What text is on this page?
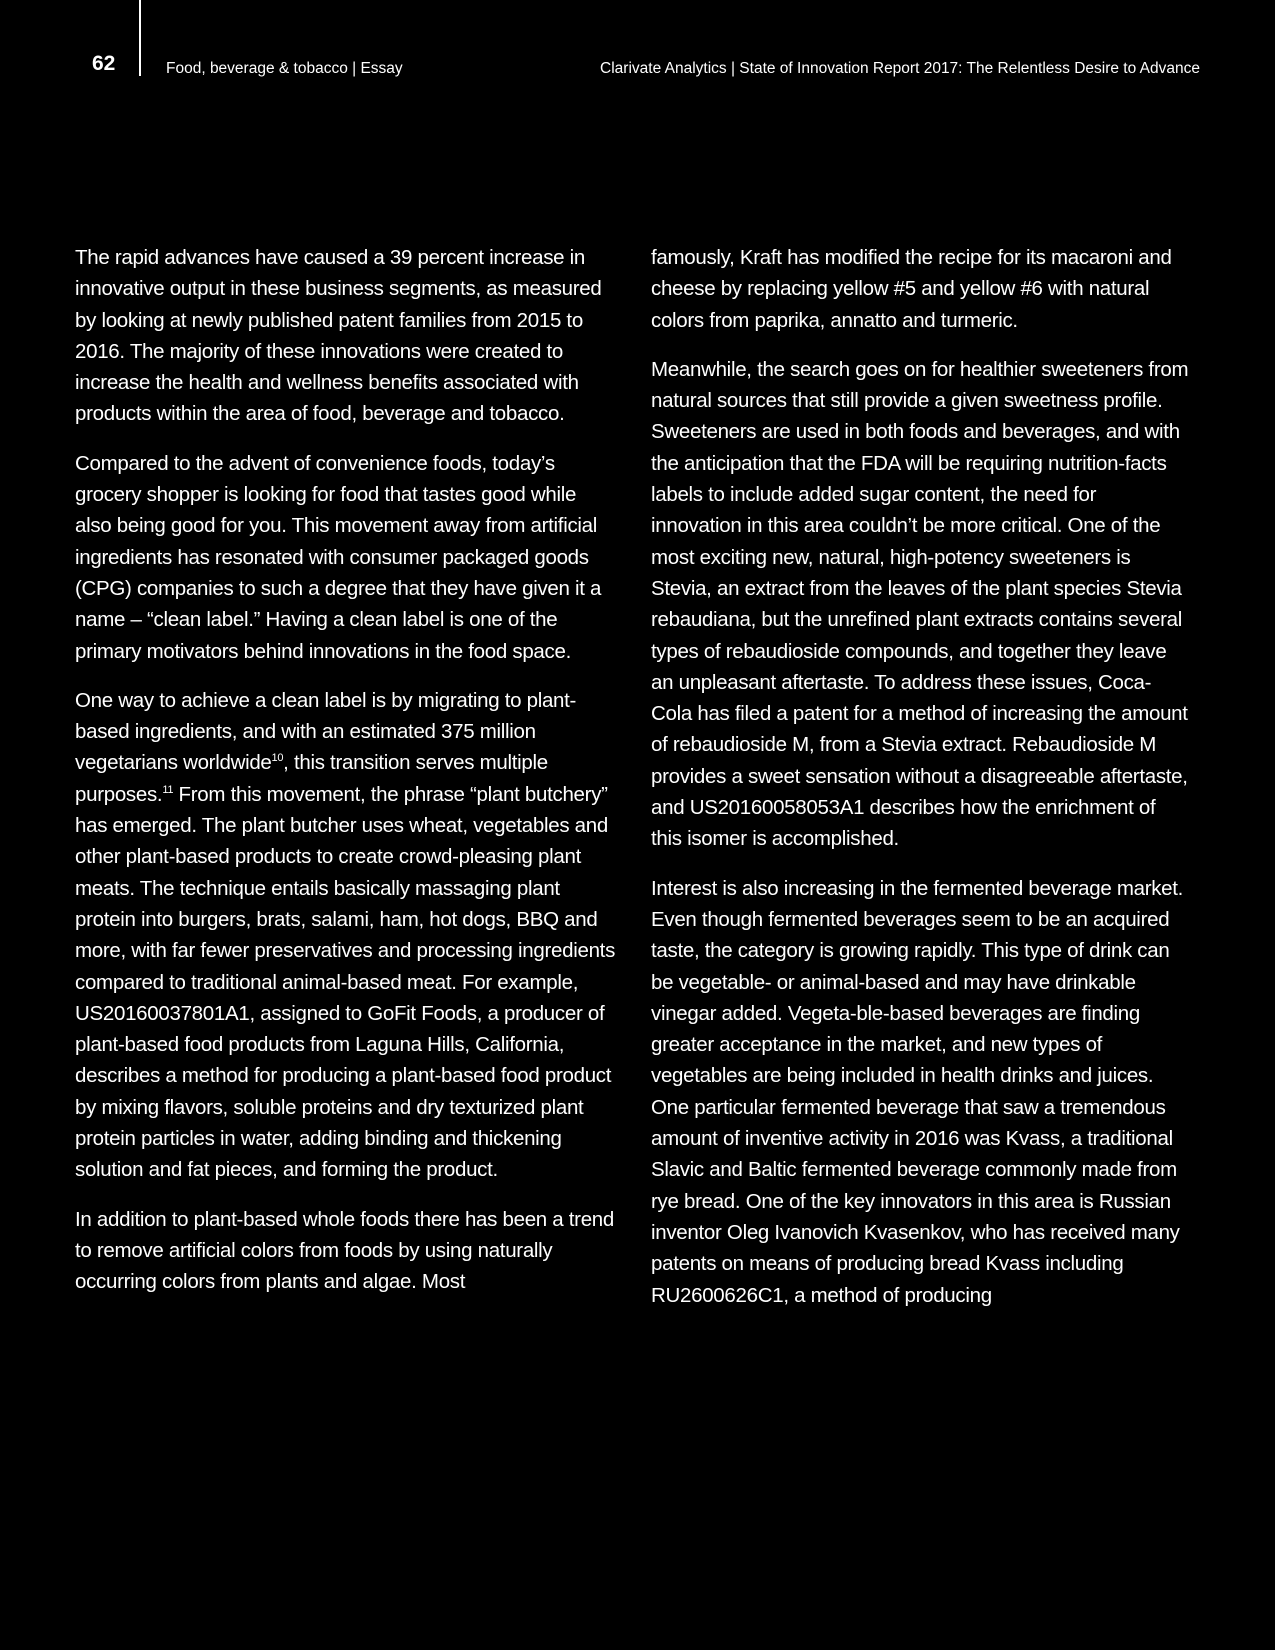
62	Food, beverage & tobacco | Essay	Clarivate Analytics | State of Innovation Report 2017: The Relentless Desire to Advance

The rapid advances have caused a 39 percent increase in innovative output in these business segments, as measured by looking at newly published patent families from 2015 to 2016. The majority of these innovations were created to increase the health and wellness benefits associated with products within the area of food, beverage and tobacco.

Compared to the advent of convenience foods, today’s grocery shopper is looking for food that tastes good while also being good for you. This movement away from artificial ingredients has resonated with consumer packaged goods (CPG) companies to such a degree that they have given it a name – “clean label.” Having a clean label is one of the primary motivators behind innovations in the food space.

One way to achieve a clean label is by migrating to plant-based ingredients, and with an estimated 375 million vegetarians worldwide$^{10}$, this transition serves multiple purposes.$^{11}$ From this movement, the phrase “plant butchery” has emerged. The plant butcher uses wheat, vegetables and other plant-based products to create crowd-pleasing plant meats. The technique entails basically massaging plant protein into burgers, brats, salami, ham, hot dogs, BBQ and more, with far fewer preservatives and processing ingredients compared to traditional animal-based meat. For example, US20160037801A1, assigned to GoFit Foods, a producer of plant-based food products from Laguna Hills, California, describes a method for producing a plant-based food product by mixing flavors, soluble proteins and dry texturized plant protein particles in water, adding binding and thickening solution and fat pieces, and forming the product.

In addition to plant-based whole foods there has been a trend to remove artificial colors from foods by using naturally occurring colors from plants and algae. Most

famously, Kraft has modified the recipe for its macaroni and cheese by replacing yellow #5 and yellow #6 with natural colors from paprika, annatto and turmeric.

Meanwhile, the search goes on for healthier sweeteners from natural sources that still provide a given sweetness profile. Sweeteners are used in both foods and beverages, and with the anticipation that the FDA will be requiring nutrition-facts labels to include added sugar content, the need for innovation in this area couldn’t be more critical. One of the most exciting new, natural, high-potency sweeteners is Stevia, an extract from the leaves of the plant species Stevia rebaudiana, but the unrefined plant extracts contains several types of rebaudioside compounds, and together they leave an unpleasant aftertaste. To address these issues, Coca-Cola has filed a patent for a method of increasing the amount of rebaudioside M, from a Stevia extract. Rebaudioside M provides a sweet sensation without a disagreeable aftertaste, and US20160058053A1 describes how the enrichment of this isomer is accomplished.

Interest is also increasing in the fermented beverage market. Even though fermented beverages seem to be an acquired taste, the category is growing rapidly. This type of drink can be vegetable- or animal-based and may have drinkable vinegar added. Vegeta-ble-based beverages are finding greater acceptance in the market, and new types of vegetables are being included in health drinks and juices. One particular fermented beverage that saw a tremendous amount of inventive activity in 2016 was Kvass, a traditional Slavic and Baltic fermented beverage commonly made from rye bread. One of the key innovators in this area is Russian inventor Oleg Ivanovich Kvasenkov, who has received many patents on means of producing bread Kvass including RU2600626C1, a method of producing
